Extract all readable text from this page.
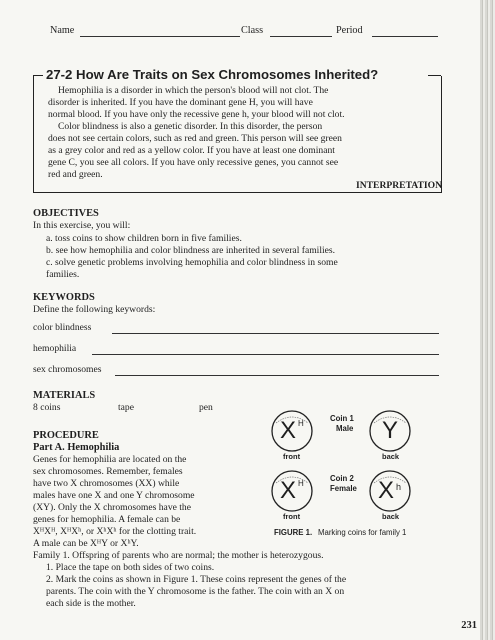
Name	Class	Period
27-2 How Are Traits on Sex Chromosomes Inherited?
Hemophilia is a disorder in which the person's blood will not clot. The
disorder is inherited. If you have the dominant gene H, you will have
normal blood. If you have only the recessive gene h, your blood will not clot.
Color blindness is also a genetic disorder. In this disorder, the person
does not see certain colors, such as red and green. This person will see green
as a grey color and red as a yellow color. If you have at least one dominant
gene C, you see all colors. If you have only recessive genes, you cannot see
red and green.
INTERPRETATION
OBJECTIVES
In this exercise, you will:
a. toss coins to show children born in five families.
b. see how hemophilia and color blindness are inherited in several families.
c. solve genetic problems involving hemophilia and color blindness in some
families.
KEYWORDS
Define the following keywords:
color blindness
hemophilia
sex chromosomes
MATERIALS
8 coins	tape	pen
PROCEDURE
Part A. Hemophilia
Genes for hemophilia are located on the
sex chromosomes. Remember, females
have two X chromosomes (XX) while
males have one X and one Y chromosome
(XY). Only the X chromosomes have the
genes for hemophilia. A female can be
XᴴXᴴ, XᴴXʰ, or XʰXʰ for the clotting trait.
A male can be XᴴY or XʰY.
X H
front
Coin 1
Male Y
back
X H
front
Coin 2
Female X h
back
FIGURE 1. Marking coins for family 1
Family 1. Offspring of parents who are normal; the mother is heterozygous.
1. Place the tape on both sides of two coins.
2. Mark the coins as shown in Figure 1. These coins represent the genes of the
parents. The coin with the Y chromosome is the father. The coin with an X on
each side is the mother.
231
